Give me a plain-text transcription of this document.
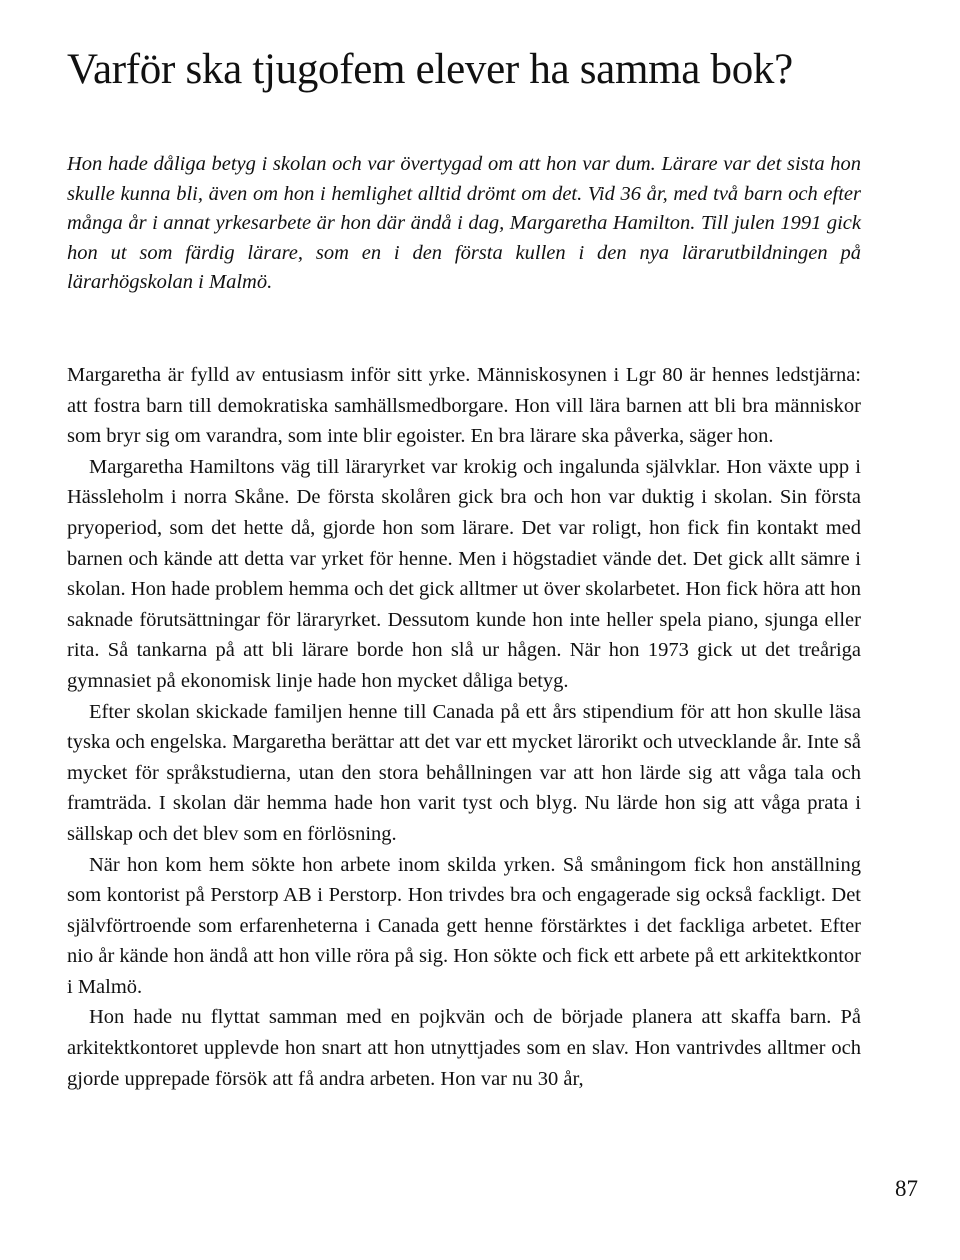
Varför ska tjugofem elever ha samma bok?

Hon hade dåliga betyg i skolan och var övertygad om att hon var dum. Lärare var det sista hon skulle kunna bli, även om hon i hemlighet alltid drömt om det. Vid 36 år, med två barn och efter många år i annat yrkesarbete är hon där ändå i dag, Margaretha Hamilton. Till julen 1991 gick hon ut som färdig lärare, som en i den första kullen i den nya lärarutbildningen på lärarhögskolan i Malmö.

Margaretha är fylld av entusiasm inför sitt yrke. Människosynen i Lgr 80 är hennes ledstjärna: att fostra barn till demokratiska samhällsmedborgare. Hon vill lära barnen att bli bra människor som bryr sig om varandra, som inte blir egoister. En bra lärare ska påverka, säger hon.

Margaretha Hamiltons väg till läraryrket var krokig och ingalunda självklar. Hon växte upp i Hässleholm i norra Skåne. De första skolåren gick bra och hon var duktig i skolan. Sin första pryoperiod, som det hette då, gjorde hon som lärare. Det var roligt, hon fick fin kontakt med barnen och kände att detta var yrket för henne. Men i högstadiet vände det. Det gick allt sämre i skolan. Hon hade problem hemma och det gick alltmer ut över skolarbetet. Hon fick höra att hon saknade förutsättningar för läraryrket. Dessutom kunde hon inte heller spela piano, sjunga eller rita. Så tankarna på att bli lärare borde hon slå ur hågen. När hon 1973 gick ut det treåriga gymnasiet på ekonomisk linje hade hon mycket dåliga betyg.

Efter skolan skickade familjen henne till Canada på ett års stipendium för att hon skulle läsa tyska och engelska. Margaretha berättar att det var ett mycket lärorikt och utvecklande år. Inte så mycket för språkstudierna, utan den stora behållningen var att hon lärde sig att våga tala och framträda. I skolan där hemma hade hon varit tyst och blyg. Nu lärde hon sig att våga prata i sällskap och det blev som en förlösning.

När hon kom hem sökte hon arbete inom skilda yrken. Så småningom fick hon anställning som kontorist på Perstorp AB i Perstorp. Hon trivdes bra och engagerade sig också fackligt. Det självförtroende som erfarenheterna i Canada gett henne förstärktes i det fackliga arbetet. Efter nio år kände hon ändå att hon ville röra på sig. Hon sökte och fick ett arbete på ett arkitektkontor i Malmö.

Hon hade nu flyttat samman med en pojkvän och de började planera att skaffa barn. På arkitektkontoret upplevde hon snart att hon utnyttjades som en slav. Hon vantrivdes alltmer och gjorde upprepade försök att få andra arbeten. Hon var nu 30 år,

87
